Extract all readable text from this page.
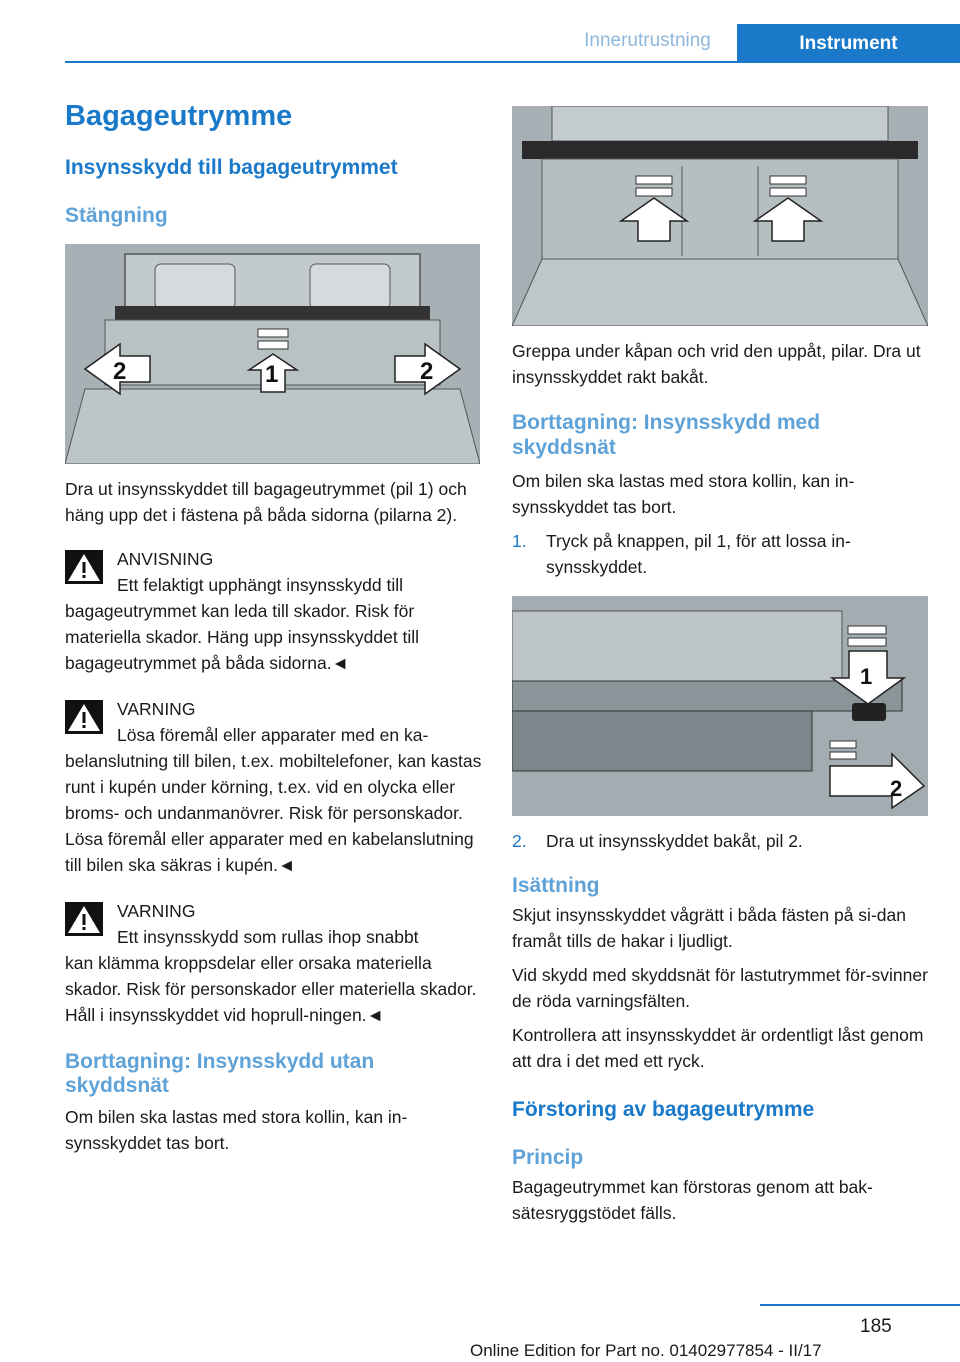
Innerutrustning	Instrument
Bagageutrymme
Insynsskydd till bagageutrymmet
Stängning
2	1	2

Dra ut insynsskyddet till bagageutrymmet (pil 1) och häng upp det i fästena på båda sidorna (pilarna 2).

ANVISNING

Ett felaktigt upphängt insynsskydd till

bagageutrymmet kan leda till skador. Risk för materiella skador. Häng upp insynsskyddet till bagageutrymmet på båda sidorna.◄

VARNING

Lösa föremål eller apparater med en ka-

belanslutning till bilen, t.ex. mobiltelefoner, kan kastas runt i kupén under körning, t.ex. vid en olycka eller broms- och undanmanövrer. Risk för personskador. Lösa föremål eller apparater med en kabelanslutning till bilen ska säkras i kupén.◄

VARNING

Ett insynsskydd som rullas ihop snabbt

kan klämma kroppsdelar eller orsaka materiella skador. Risk för personskador eller materiella skador. Håll i insynsskyddet vid hoprull-ningen.◄

Borttagning: Insynsskydd utan skyddsnät

Om bilen ska lastas med stora kollin, kan in-synsskyddet tas bort.

Greppa under kåpan och vrid den uppåt, pilar. Dra ut insynsskyddet rakt bakåt.

Borttagning: Insynsskydd med skyddsnät

Om bilen ska lastas med stora kollin, kan in-synsskyddet tas bort.

1.	Tryck på knappen, pil 1, för att lossa in-synsskyddet.
1
2
2.	Dra ut insynsskyddet bakåt, pil 2.
Isättning

Skjut insynsskyddet vågrätt i båda fästen på si-dan framåt tills de hakar i ljudligt.

Vid skydd med skyddsnät för lastutrymmet för-svinner de röda varningsfälten.

Kontrollera att insynsskyddet är ordentligt låst genom att dra i det med ett ryck.

Förstoring av bagageutrymme
Princip

Bagageutrymmet kan förstoras genom att bak-sätesryggstödet fälls.

185
Online Edition for Part no. 01402977854 - II/17
